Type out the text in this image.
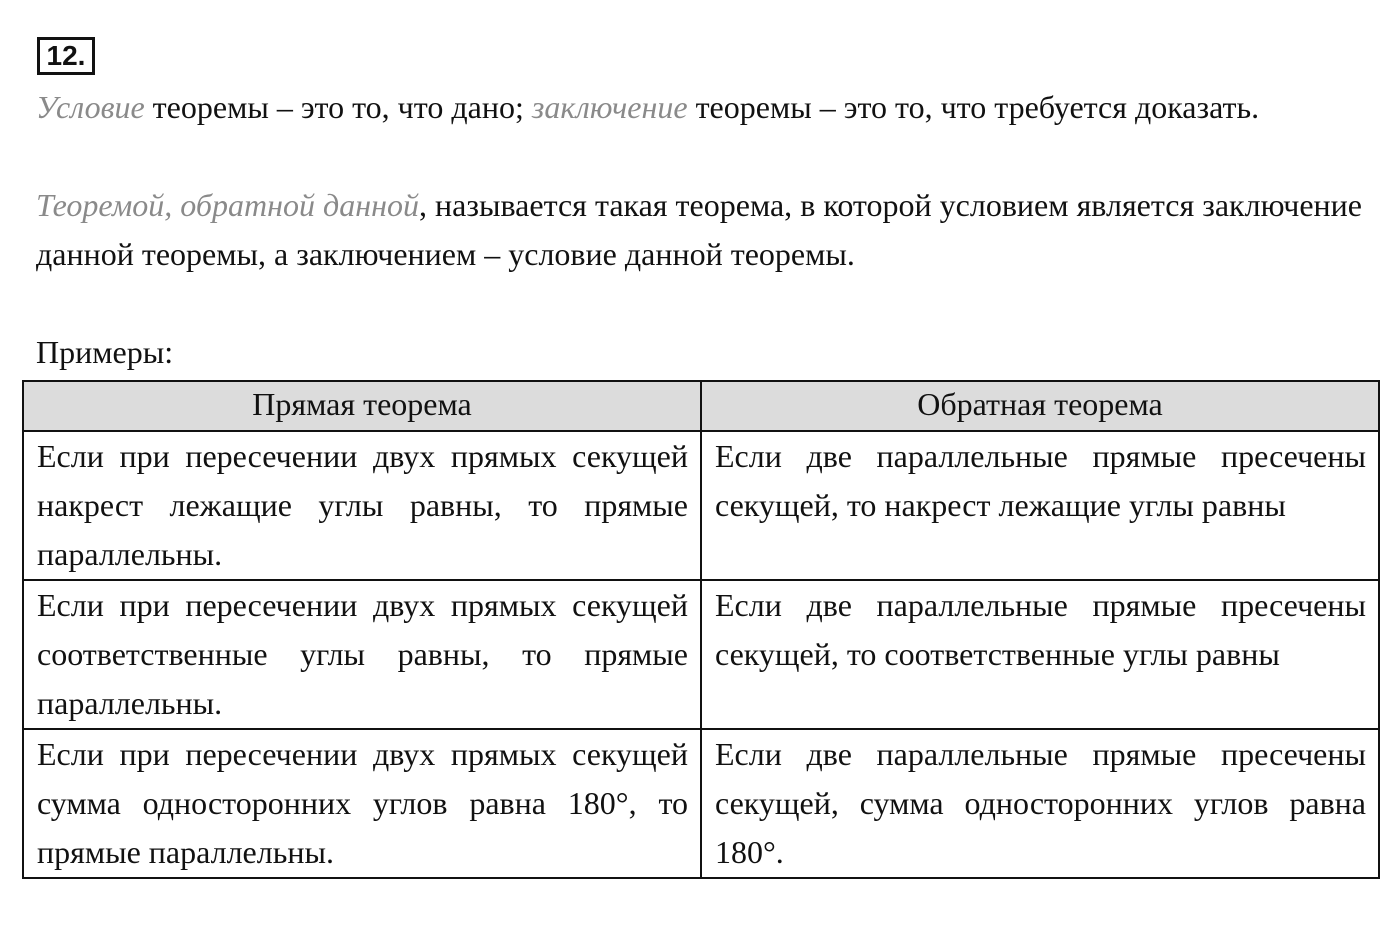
12.
Условие теоремы – это то, что дано; заключение теоремы – это то, что требуется доказать.
Теоремой, обратной данной, называется такая теорема, в которой условием является заключение данной теоремы, а заключением – условие данной теоремы.
Примеры:
Прямая теорема	Обратная теорема
Если при пересечении двух прямых секущей накрест лежащие углы равны, то прямые параллельны.	Если две параллельные прямые пресечены секущей, то накрест лежащие углы равны
Если при пересечении двух прямых секущей соответственные углы равны, то прямые параллельны.	Если две параллельные прямые пресечены секущей, то соответственные углы равны
Если при пересечении двух прямых секущей сумма односторонних углов равна 180°, то прямые параллельны.	Если две параллельные прямые пресечены секущей, сумма односторонних углов равна 180°.
